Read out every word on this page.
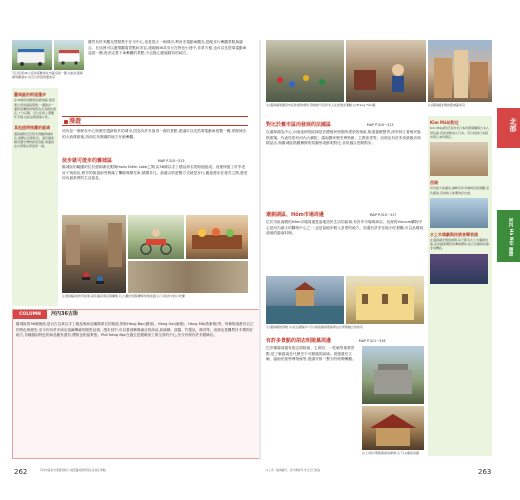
可以搭乘46人座的電動車在市區巡遊一圈,也能在還劍湖周圍漫步,也可以欣賞周邊美景
雖然有許多觀光景點集中在市中心,但是很大一個城市,利用市電動車觀光,搭配步行參觀景點最適合。在這裡可以盡情觀賞景點和市容,還能騎車或步行在特色小巷中,非常方便,也可以先搭乘電動車巡遊一圈,再決定要下車參觀的景點,不必擔心錯過精彩的地方。
舊城區的街道漫步
在36條街道聚集的舊城區,保留著古老的越南風情,一邊散步一邊欣賞傳統建築與各式各樣的商店,十分有趣。可以在街上選購伴手禮,也能品嚐道地小吃。
其他值得推薦的區域
還劍湖附近有很多餐廳與咖啡店,推薦在這裡休息。還有越南國家歷史博物館等景點,周邊的法式建築也很值得一看。
漫遊
河內是一個保存中心與歷史遺跡較多的城市,因為有許多值得一看的景點,建議可以先搭乘電動車遊覽一圈,掌握城市的大致樣貌後,再前往有興趣的地方仔細參觀。
徒步就可遊步的舊城區	MAP P.310~313
舊城區的範圍約位於還劍湖北側與Hoàn Kiếm Lake之間,由36條以手工藝品命名的街道組成。這裡保留了許多老房子與商店,狹窄的街道兩旁擠滿了攤販與摩托車,熱鬧非凡。最適合的遊覽方式就是步行,隨意漫步在巷弄之間,感受河內最真實的生活氣息。
左/舊城區的狹窄街道,兩旁滿是商店與攤販 右上/觀光客騎機車穿梭街頭 右下/巷弄中的小吃攤
COLUMN	河內36古街
舊城區的36條街道,是自古以來以手工藝品與商品種類命名的街道,例如Hàng Bạc(銀街)、Hàng Gai(麻街)、Hàng Mã(紙紮街)等。每條街道都有自己的特色與歷史,至今仍有許多商店延續傳統的販售品項。漫步其中,可以看到琳瑯滿目的商品,如絲綢、漆器、竹製品、佛具等。這裡也是購買伴手禮的好地方,各種越南特色的商品應有盡有,價格也相當實惠。Phố Hàng Bạc在過去是銀飾加工與交易的中心,至今仍保有許多銀飾店。
262	河內市區的交通號誌較少,過馬路時請特別注意來往車輛。
左/還劍湖周邊是市民休憩的場所,傍晚時分有許多人在此散步運動 右/Trang Tiền路	右/還劍湖北側的舊城區街景
對比於舊市區而發展的法國區	MAP P.310~313
以還劍湖為中心,向南延伸的區域是法國殖民時期所建設的街區,街道寬敞整齊,兩旁林立著殖民風格建築。代表性的有河內大劇院、越南國家歷史博物館、主教座堂等。這裡也有許多高級飯店與精品店,與舊城區熱鬧擁擠的氛圍形成鮮明對比,非常適合悠閒散步。
還劍湖區、Hồm市場周邊	MAP P.310~317
位於市區南側的Hôm市場周邊是當地居民生活的區域,有許多市場與商店。這裡的Vincom購物中心是河內最大的購物中心之一,也是當地年輕人喜愛的地方。周邊有許多在地小吃餐廳,可以品嚐到道地的越南料理。
左/還劍湖的傍晚 右/在法國區中,可以看到越南風格與法式建築融合的街景
有許多景點的胡志明陵墓周邊	MAP P.311~316
巴亭廣場周邊有胡志明陵墓、主席府、一柱廟等重要景點,是了解越南近代歷史不可錯過的區域。周邊還有文廟、越南民族學博物館等,建議安排一整天的時間參觀。
右上/胡志明陵墓前的廣場 右下/文廟的庭園
Kim Mã站附近
Kim Mã站附近有許多日本料理餐廳與日本人居住區,因此被稱為小日本。可以找到日本超市與日本料理店。
西湖
河內最大的湖泊,湖畔有許多咖啡店與餐廳,景色優美,是當地人休閒的好去處。
水上木偶劇與民族音樂表演
在還劍湖北側的劇場,每天都有水上木偶劇表演,這是越南獨特的傳統藝術,結合音樂與故事,非常精彩。
北部
河內 Hà Nội 漫遊
※上述「區域劃分」為方便參考,非正式行政區	263
